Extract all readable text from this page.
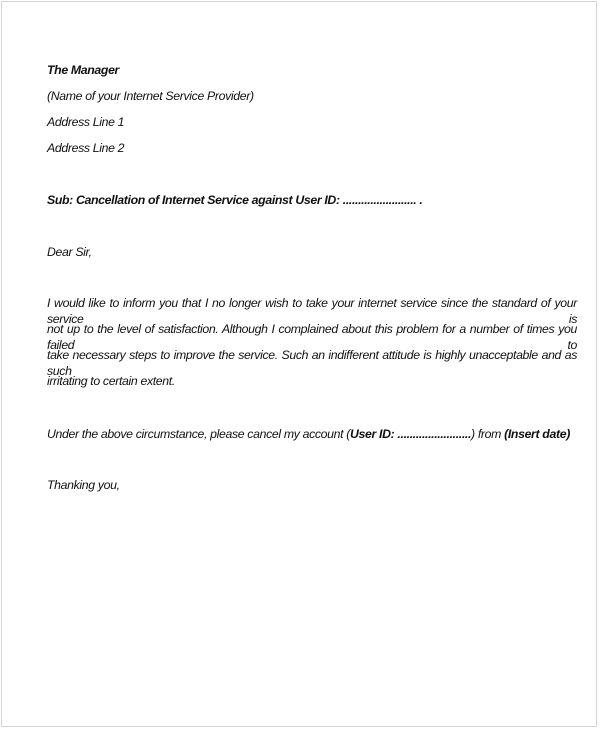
The Manager
(Name of your Internet Service Provider)
Address Line 1
Address Line 2
Sub: Cancellation of Internet Service against User ID: ........................ .
Dear Sir,
I would like to inform you that I no longer wish to take your internet service since the standard of your service is
not up to the level of satisfaction. Although I complained about this problem for a number of times you failed to
take necessary steps to improve the service. Such an indifferent attitude is highly unacceptable and as such
irritating to certain extent.
Under the above circumstance, please cancel my account (User ID: ........................) from (Insert date)
Thanking you,
